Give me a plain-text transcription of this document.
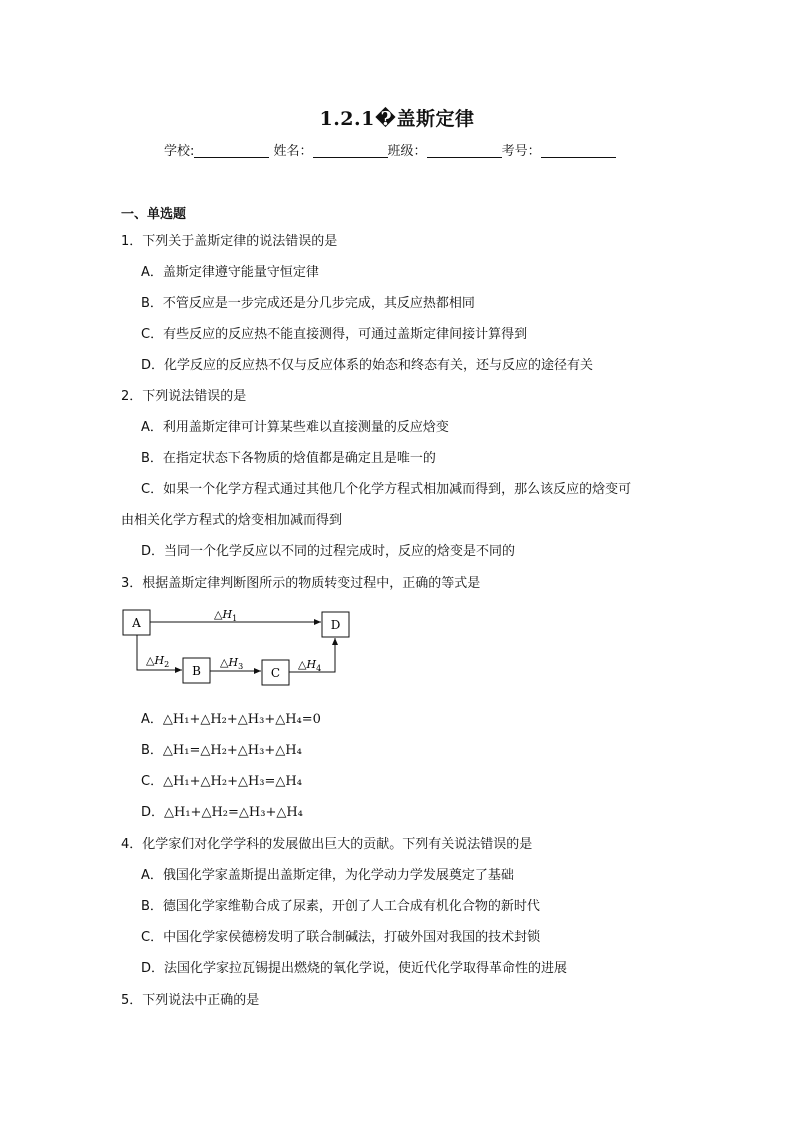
1.2.1�盖斯定律
学校:	姓名：	班级：	考号：
一、单选题
1．下列关于盖斯定律的说法错误的是
A．盖斯定律遵守能量守恒定律
B．不管反应是一步完成还是分几步完成，其反应热都相同
C．有些反应的反应热不能直接测得，可通过盖斯定律间接计算得到
D．化学反应的反应热不仅与反应体系的始态和终态有关，还与反应的途径有关
2．下列说法错误的是
A．利用盖斯定律可计算某些难以直接测量的反应焓变
B．在指定状态下各物质的焓值都是确定且是唯一的
C．如果一个化学方程式通过其他几个化学方程式相加减而得到，那么该反应的焓变可
由相关化学方程式的焓变相加减而得到
D．当同一个化学反应以不同的过程完成时，反应的焓变是不同的
3．根据盖斯定律判断图所示的物质转变过程中，正确的等式是
A	D
B	C
$\triangle H_1$
$\triangle H_2$	$\triangle H_3$	$\triangle H_4$
A．△H₁+△H₂+△H₃+△H₄=0
B．△H₁=△H₂+△H₃+△H₄
C．△H₁+△H₂+△H₃=△H₄
D．△H₁+△H₂=△H₃+△H₄
4．化学家们对化学学科的发展做出巨大的贡献。下列有关说法错误的是
A．俄国化学家盖斯提出盖斯定律，为化学动力学发展奠定了基础
B．德国化学家维勒合成了尿素，开创了人工合成有机化合物的新时代
C．中国化学家侯德榜发明了联合制碱法，打破外国对我国的技术封锁
D．法国化学家拉瓦锡提出燃烧的氧化学说，使近代化学取得革命性的进展
5．下列说法中正确的是
